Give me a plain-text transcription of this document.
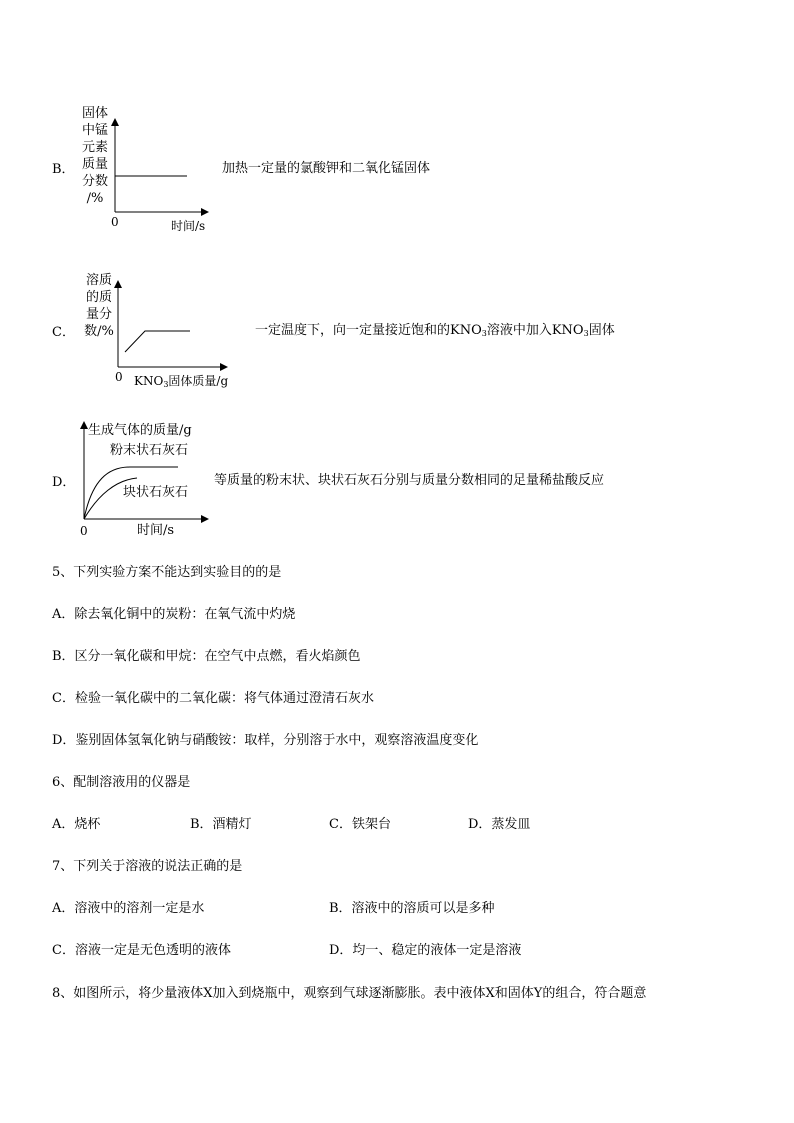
B．
固体
中锰
元素
质量
分数
/%
0	时间/s
加热一定量的氯酸钾和二氧化锰固体
C．
溶质
的质
量分
数/%
0 $KNO_3$固体质量/g
一定温度下，向一定量接近饱和的$KNO_3$溶液中加入$KNO_3$固体
D．
生成气体的质量/g
粉末状石灰石
块状石灰石
0	时间/s
等质量的粉末状、块状石灰石分别与质量分数相同的足量稀盐酸反应
5、下列实验方案不能达到实验目的的是
A．除去氧化铜中的炭粉：在氧气流中灼烧
B．区分一氧化碳和甲烷：在空气中点燃，看火焰颜色
C．检验一氧化碳中的二氧化碳：将气体通过澄清石灰水
D．鉴别固体氢氧化钠与硝酸铵：取样，分别溶于水中，观察溶液温度变化
6、配制溶液用的仪器是
A．烧杯	B．酒精灯	C．铁架台	D．蒸发皿
7、下列关于溶液的说法正确的是
A．溶液中的溶剂一定是水	B．溶液中的溶质可以是多种
C．溶液一定是无色透明的液体	D．均一、稳定的液体一定是溶液
8、如图所示，将少量液体X加入到烧瓶中，观察到气球逐渐膨胀。表中液体X和固体Y的组合，符合题意
